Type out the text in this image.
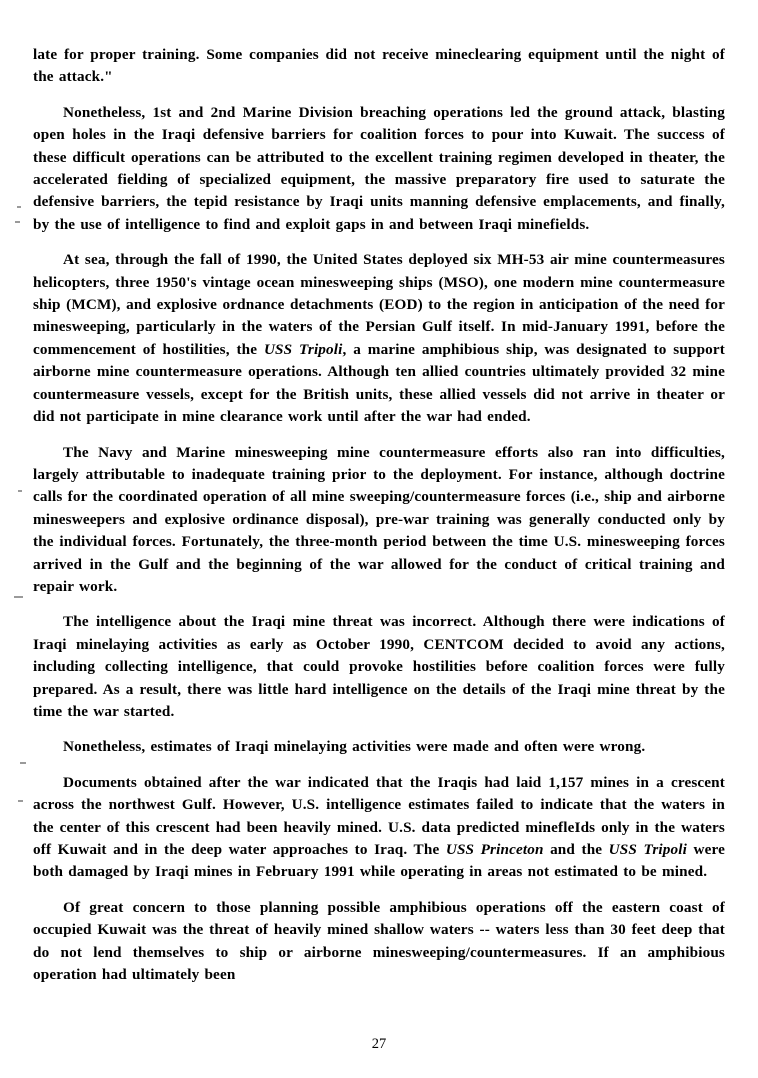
late for proper training. Some companies did not receive mineclearing equipment until the night of the attack."

Nonetheless, 1st and 2nd Marine Division breaching operations led the ground attack, blasting open holes in the Iraqi defensive barriers for coalition forces to pour into Kuwait. The success of these difficult operations can be attributed to the excellent training regimen developed in theater, the accelerated fielding of specialized equipment, the massive preparatory fire used to saturate the defensive barriers, the tepid resistance by Iraqi units manning defensive emplacements, and finally, by the use of intelligence to find and exploit gaps in and between Iraqi minefields.

At sea, through the fall of 1990, the United States deployed six MH-53 air mine countermeasures helicopters, three 1950's vintage ocean minesweeping ships (MSO), one modern mine countermeasure ship (MCM), and explosive ordnance detachments (EOD) to the region in anticipation of the need for minesweeping, particularly in the waters of the Persian Gulf itself. In mid-January 1991, before the commencement of hostilities, the USS Tripoli, a marine amphibious ship, was designated to support airborne mine countermeasure operations. Although ten allied countries ultimately provided 32 mine countermeasure vessels, except for the British units, these allied vessels did not arrive in theater or did not participate in mine clearance work until after the war had ended.

The Navy and Marine minesweeping mine countermeasure efforts also ran into difficulties, largely attributable to inadequate training prior to the deployment. For instance, although doctrine calls for the coordinated operation of all mine sweeping/countermeasure forces (i.e., ship and airborne minesweepers and explosive ordinance disposal), pre-war training was generally conducted only by the individual forces. Fortunately, the three-month period between the time U.S. minesweeping forces arrived in the Gulf and the beginning of the war allowed for the conduct of critical training and repair work.

The intelligence about the Iraqi mine threat was incorrect. Although there were indications of Iraqi minelaying activities as early as October 1990, CENTCOM decided to avoid any actions, including collecting intelligence, that could provoke hostilities before coalition forces were fully prepared. As a result, there was little hard intelligence on the details of the Iraqi mine threat by the time the war started.

Nonetheless, estimates of Iraqi minelaying activities were made and often were wrong.

Documents obtained after the war indicated that the Iraqis had laid 1,157 mines in a crescent across the northwest Gulf. However, U.S. intelligence estimates failed to indicate that the waters in the center of this crescent had been heavily mined. U.S. data predicted minefleIds only in the waters off Kuwait and in the deep water approaches to Iraq. The USS Princeton and the USS Tripoli were both damaged by Iraqi mines in February 1991 while operating in areas not estimated to be mined.

Of great concern to those planning possible amphibious operations off the eastern coast of occupied Kuwait was the threat of heavily mined shallow waters -- waters less than 30 feet deep that do not lend themselves to ship or airborne minesweeping/countermeasures. If an amphibious operation had ultimately been

27
